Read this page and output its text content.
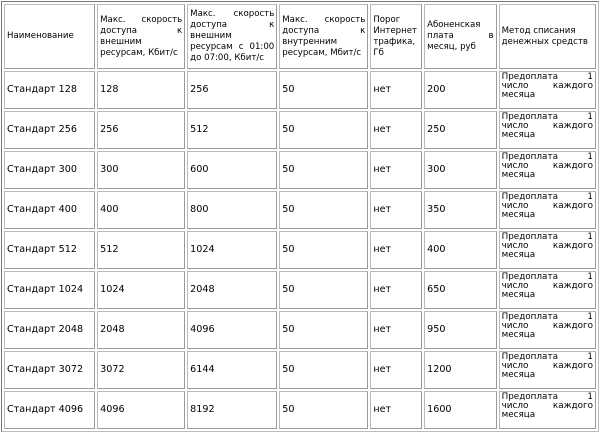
Наименование	Макс. скорость доступа к внешним ресурсам, Кбит/с	Макс. скорость доступа к внешним ресурсам с 01:00 до 07:00, Кбит/с	Макс. скорость доступа к внутренним ресурсам, Мбит/с	Порог Интернет трафика, Гб	Абоненская плата в месяц, руб	Метод списания денежных средств
Стандарт 128	128	256	50	нет	200	Предоплата 1 число каждого месяца
Стандарт 256	256	512	50	нет	250	Предоплата 1 число каждого месяца
Стандарт 300	300	600	50	нет	300	Предоплата 1 число каждого месяца
Стандарт 400	400	800	50	нет	350	Предоплата 1 число каждого месяца
Стандарт 512	512	1024	50	нет	400	Предоплата 1 число каждого месяца
Стандарт 1024	1024	2048	50	нет	650	Предоплата 1 число каждого месяца
Стандарт 2048	2048	4096	50	нет	950	Предоплата 1 число каждого месяца
Стандарт 3072	3072	6144	50	нет	1200	Предоплата 1 число каждого месяца
Стандарт 4096	4096	8192	50	нет	1600	Предоплата 1 число каждого месяца
